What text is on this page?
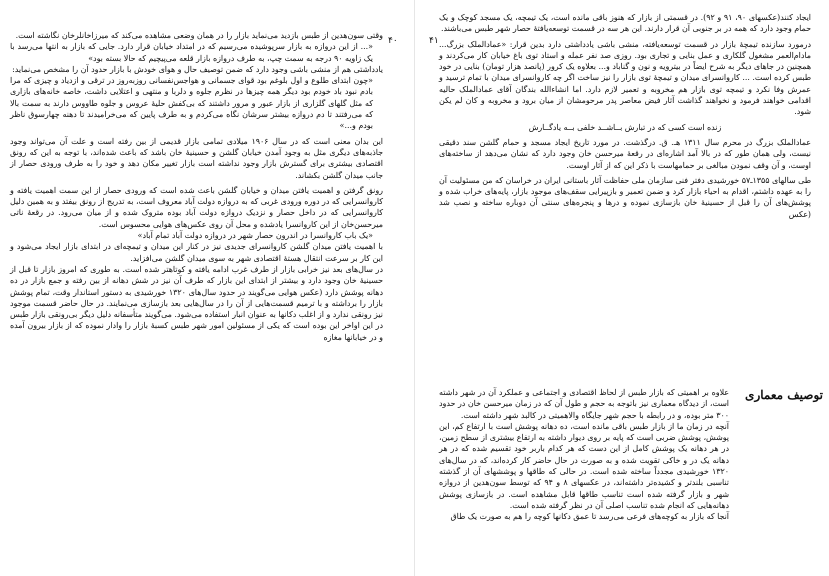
۴۰

وقتی سون‌هدین از طبس بازدید می‌نماید بازار را در همان وضعی مشاهده می‌کند که میرزا‌خانلرخان نگاشته است.

«... از این دروازه به بازار سرپوشیده می‌رسیم که در امتداد خیابان قرار دارد. جایی که بازار به انتها می‌رسد با یک زاویه ۹۰ درجه به سمت چپ، به طرف دروازه بازار قلعه می‌پیچیم که حالا بسته بود»

یادداشتی هم از منشی باشی وجود دارد که ضمن توصیف حال و هوای خودش با بازار حدود آن را مشخص می‌نماید:

«چون ابتدای طلوع و اول بلوغم بود قوای جسمانی و هواجس‌نفسانی روزبه‌روز در ترقی و ازدیاد و چیزی که مرا بادم نبود باد خودم بود دیگر همه چیزها در نظرم جلوه و دلربا و منتهی و اعتلایی داشت، خاصه خانه‌های بازاری که مثل گلهای گلزاری از بازار عبور و مرور داشتند که بی‌کفش حلیهٔ عروس و جلوه طاووس دارند به سمت بالا که می‌رفتند تا دم دروازه بیشتر سرشان نگاه می‌کردم و به طرف پایین که می‌خرامیدند تا دهنه چهارسوق ناظر بودم و...»

این بدان معنی است که در سال ۱۹۰۶ میلادی تمامی بازار قدیمی از بین رفته است و علت آن می‌تواند وجود جاذبه‌های دیگری مثل به وجود آمدن خیابان گلشن و حسینیهٔ خان باشد که باعث شده‌اند، با توجه به این که رونق اقتصادی بیشتری برای گسترش بازار وجود نداشته است بازار تغییر مکان دهد و خود را به طرف ورودی حصار از جانب میدان گلشن بکشاند.

رونق گرفتن و اهمیت یافتن میدان و خیابان گلشن باعث شده است که ورودی حصار از این سمت اهمیت یافته و کاروانسرایی که در دوره ورودی غربی که به دروازه دولت آباد معروف است، به تدریج از رونق بیفتد و به همین دلیل کاروانسرایی که در داخل حصار و نزدیک دروازه دولت آباد بوده متروک شده و از میان می‌رود. در رقعهٔ ناتی میرحسن‌خان از این کاروانسرا یادشده و محل آن روی عکس‌های هوایی محسوس است.

«یک باب کاروانسرا در اندرون حصار شهر در دروازه دولت آباد تمام آباد»

با اهمیت یافتن میدان گلشن کاروانسرای جدیدی نیز در کنار این میدان و تیمچه‌ای در ابتدای بازار ایجاد می‌شود و این کار بر سرعت انتقال هستهٔ اقتصادی شهر به سوی میدان گلشن می‌افزاید.

در سال‌های بعد نیز خرابی بازار از طرف غرب ادامه یافته و کوتاهتر شده است. به طوری که امروز بازار تا قبل از حسینیهٔ خان وجود دارد و بیشتر از ابتدای این بازار که طرف آن نیز در شش دهانه از بین رفته و جمع بازار در ده دهانه پوشش دارد (عکس هوایی می‌گویند در حدود سال‌های ۱۳۲۰ خورشیدی به دستور استاندار وقت، تمام پوشش بازار را برداشته و با ترمیم قسمت‌هایی از آن را در سال‌هایی بعد بازسازی می‌نمایند. در حال حاضر قسمت موجود نیز رونقی ندارد و از اغلب دکانها به عنوان انبار استفاده می‌شود. می‌گویند متأسفانه دلیل دیگر بی‌رونقی بازار طبس در این اواخر این بوده است که یکی از مسئولین امور شهر طبس کسبهٔ بازار را وادار نموده که از بازار بیرون آمده و در خیابانها مغازه

۴۱

ایجاد کنند(عکسهای ۹۰، ۹۱ و ۹۲). در قسمتی از بازار که هنوز باقی مانده است، یک تیمچه، یک مسجد کوچک و یک حمام وجود دارد که همه در بر جنوبی آن قرار دارند. این هر سه در قسمت توسعه‌یافتهٔ حصار شهر طبس می‌باشند.

درمورد سازنده تیمچهٔ بازار در قسمت توسعه‌یافته، منشی باشی یادداشتی دارد بدین قرار: «عمادالملک بزرگ... مادام‌العمر مشغول گلکاری و عمل بنایی و تجاری بود. روزی صد نفر عمله و استاد توی باغ خیابان کار می‌کردند و همچنین در جاهای دیگر به شرح ایضاً در بیترویه و نون و گناباد و... بعلاوه یک کرور (پانصد هزار تومان) بنایی در خود طبس کرده است. ... کاروانسرای میدان و تیمچهٔ توی بازار را نیز ساخت اگر چه کاروانسرای میدان با تمام ترسید و عمرش وفا نکرد و تیمچه توی بازار هم مخروبه و تعمیر لازم دارد. اما انشاءالله بندگان آقای عمادالملک حالیه اقدامی خواهند فرمود و نخواهند گذاشت آثار فیض معاصر پدر مرحومشان از میان برود و مخروبه و کان لم یکن شود.

زنده است کسی که در تبارش بــاشــد خلفی بــه یادگــارش

عمادالملک بزرگ در محرم سال ۱۳۱۱ هـ. ق. درگذشت. در مورد تاریخ ایجاد مسجد و حمام گلشن سند دقیقی نیست، ولی همان طور که در بالا آمد اشاره‌ای در رقعهٔ میرحسن خان وجود دارد که نشان می‌دهد از ساخته‌های اوست، و آن وقف نمودن مبالغی بر حمامهاست با ذکر این که از آثار اوست.

طی سالهای ۱۳۵۵ـ۵۷ خورشیدی دفتر فنی سازمان ملی حفاظت آثار باستانی ایران در خراسان که من مسئولیت آن را به عهده داشتم، اقدام به احیاء بازار کرد و ضمن تعمیر و بازپیرایی سقف‌های موجود بازار، پایه‌های خراب شده و پوشش‌های آن را قبل از حسینیهٔ خان بازسازی نموده و درها و پنجره‌های سنتی آن دوباره ساخته و نصب شد (عکس

توصیف معماری

علاوه بر اهمیتی که بازار طبس از لحاظ اقتصادی و اجتماعی و عملکرد آن در شهر داشته است، از دیدگاه معماری نیز باتوجه به حجم و طول آن که در زمان میرحسن خان در حدود ۳۰۰ متر بوده، و در رابطه با حجم شهر جایگاه والاهمیتی در کالبد شهر داشته است.

آنچه در زمان ما از بازار طبس باقی مانده است، ده دهانه پوشش است با ارتفاع کم، این پوشش، پوشش ضربی است که پایه بر روی دیوار داشته به ارتفاع بیشتری از سطح زمین، در هر دهانه یک پوشش کامل از این دست که هر کدام باربر خود تقسیم شده که در هر دهانه یک در و خاکی تقویت شده و به صورت در حال حاضر کار کرده‌اند، که در سال‌های ۱۳۲۰ خورشیدی مجدداً ساخته شده است. در حالی که طاقها و پوششهای آن از گذشته تناسبی بلندتر و کشیده‌تر داشته‌اند، در عکسهای ۸ و ۹۴ که توسط سون‌هدین از دروازه شهر و بازار گرفته شده است تناسب طاقها قابل مشاهده است. در بازسازی پوشش دهانه‌هایی که انجام شده تناسب اصلی آن در نظر گرفته شده است.

آنجا که بازار به کوچه‌های فرعی می‌رسد تا عمق دکانها کوچه را هم به صورت یک طاق
